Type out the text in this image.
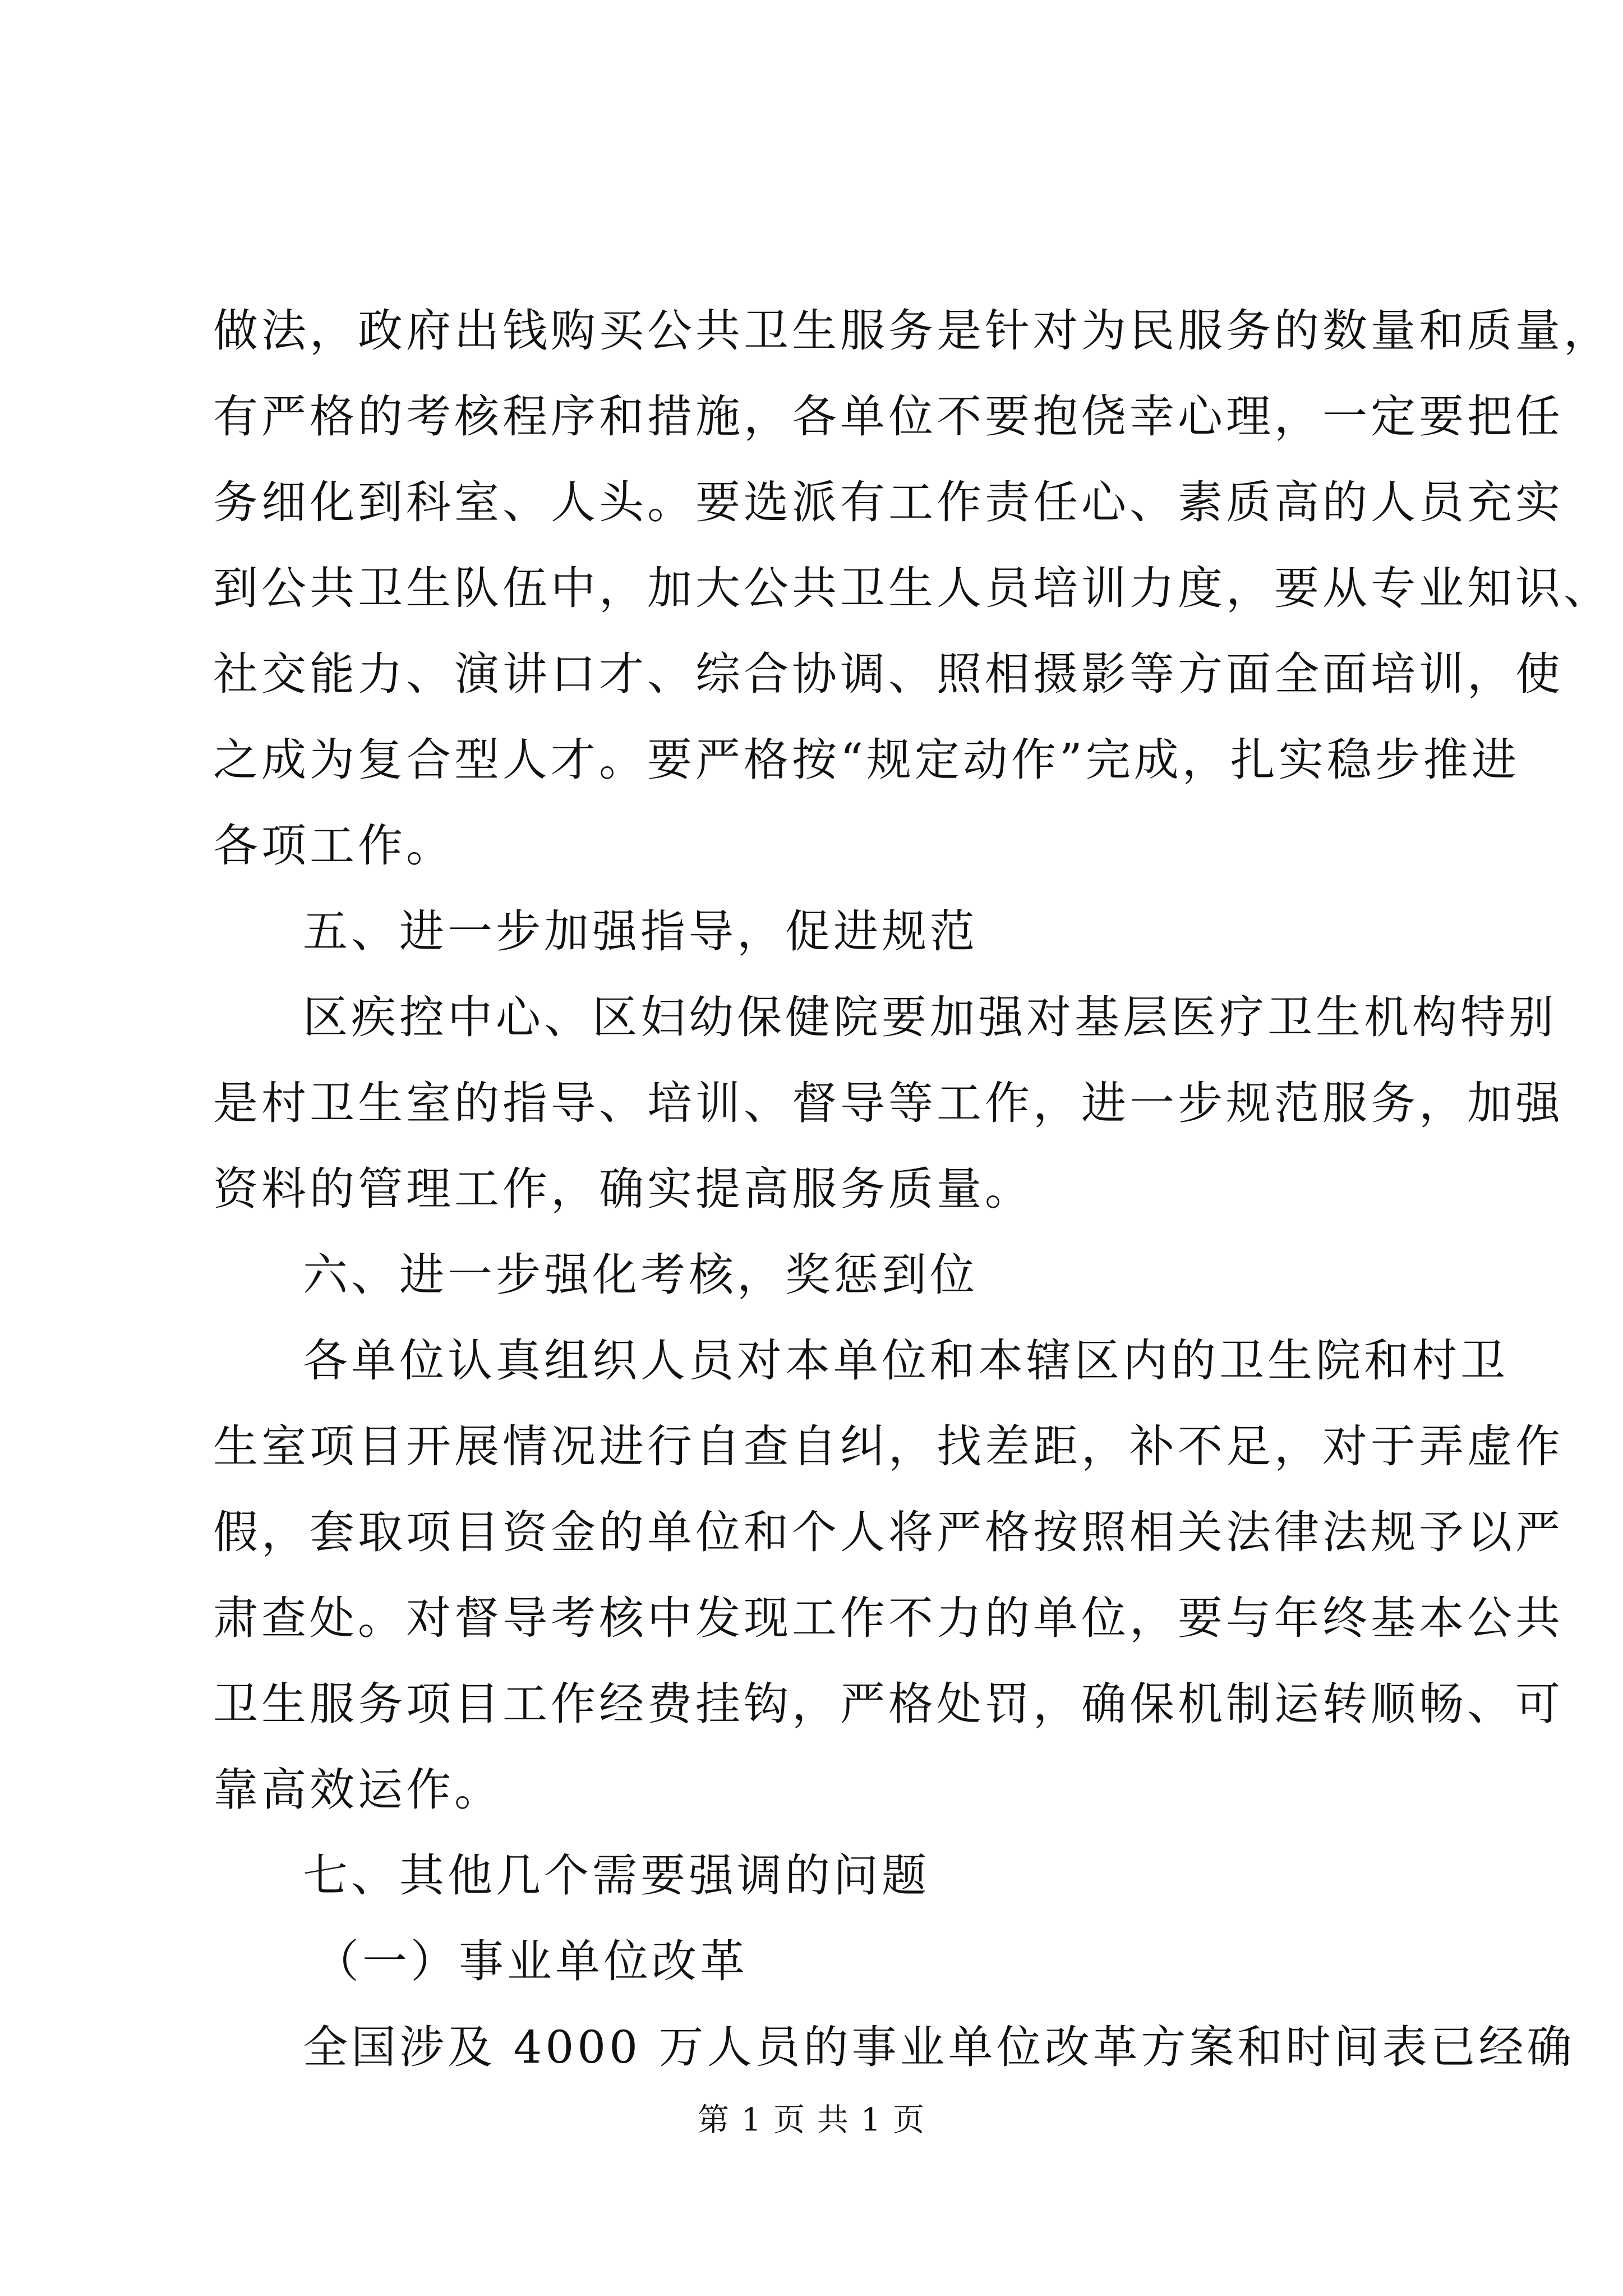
做法，政府出钱购买公共卫生服务是针对为民服务的数量和质量，
有严格的考核程序和措施，各单位不要抱侥幸心理，一定要把任
务细化到科室、人头。要选派有工作责任心、素质高的人员充实
到公共卫生队伍中，加大公共卫生人员培训力度，要从专业知识、
社交能力、演讲口才、综合协调、照相摄影等方面全面培训，使
之成为复合型人才。要严格按“规定动作”完成，扎实稳步推进
各项工作。
五、进一步加强指导，促进规范
区疾控中心、区妇幼保健院要加强对基层医疗卫生机构特别
是村卫生室的指导、培训、督导等工作，进一步规范服务，加强
资料的管理工作，确实提高服务质量。
六、进一步强化考核，奖惩到位
各单位认真组织人员对本单位和本辖区内的卫生院和村卫
生室项目开展情况进行自查自纠，找差距，补不足，对于弄虚作
假，套取项目资金的单位和个人将严格按照相关法律法规予以严
肃查处。对督导考核中发现工作不力的单位，要与年终基本公共
卫生服务项目工作经费挂钩，严格处罚，确保机制运转顺畅、可
靠高效运作。
七、其他几个需要强调的问题
（一）事业单位改革
全国涉及 4000 万人员的事业单位改革方案和时间表已经确
第 1 页 共 1 页
